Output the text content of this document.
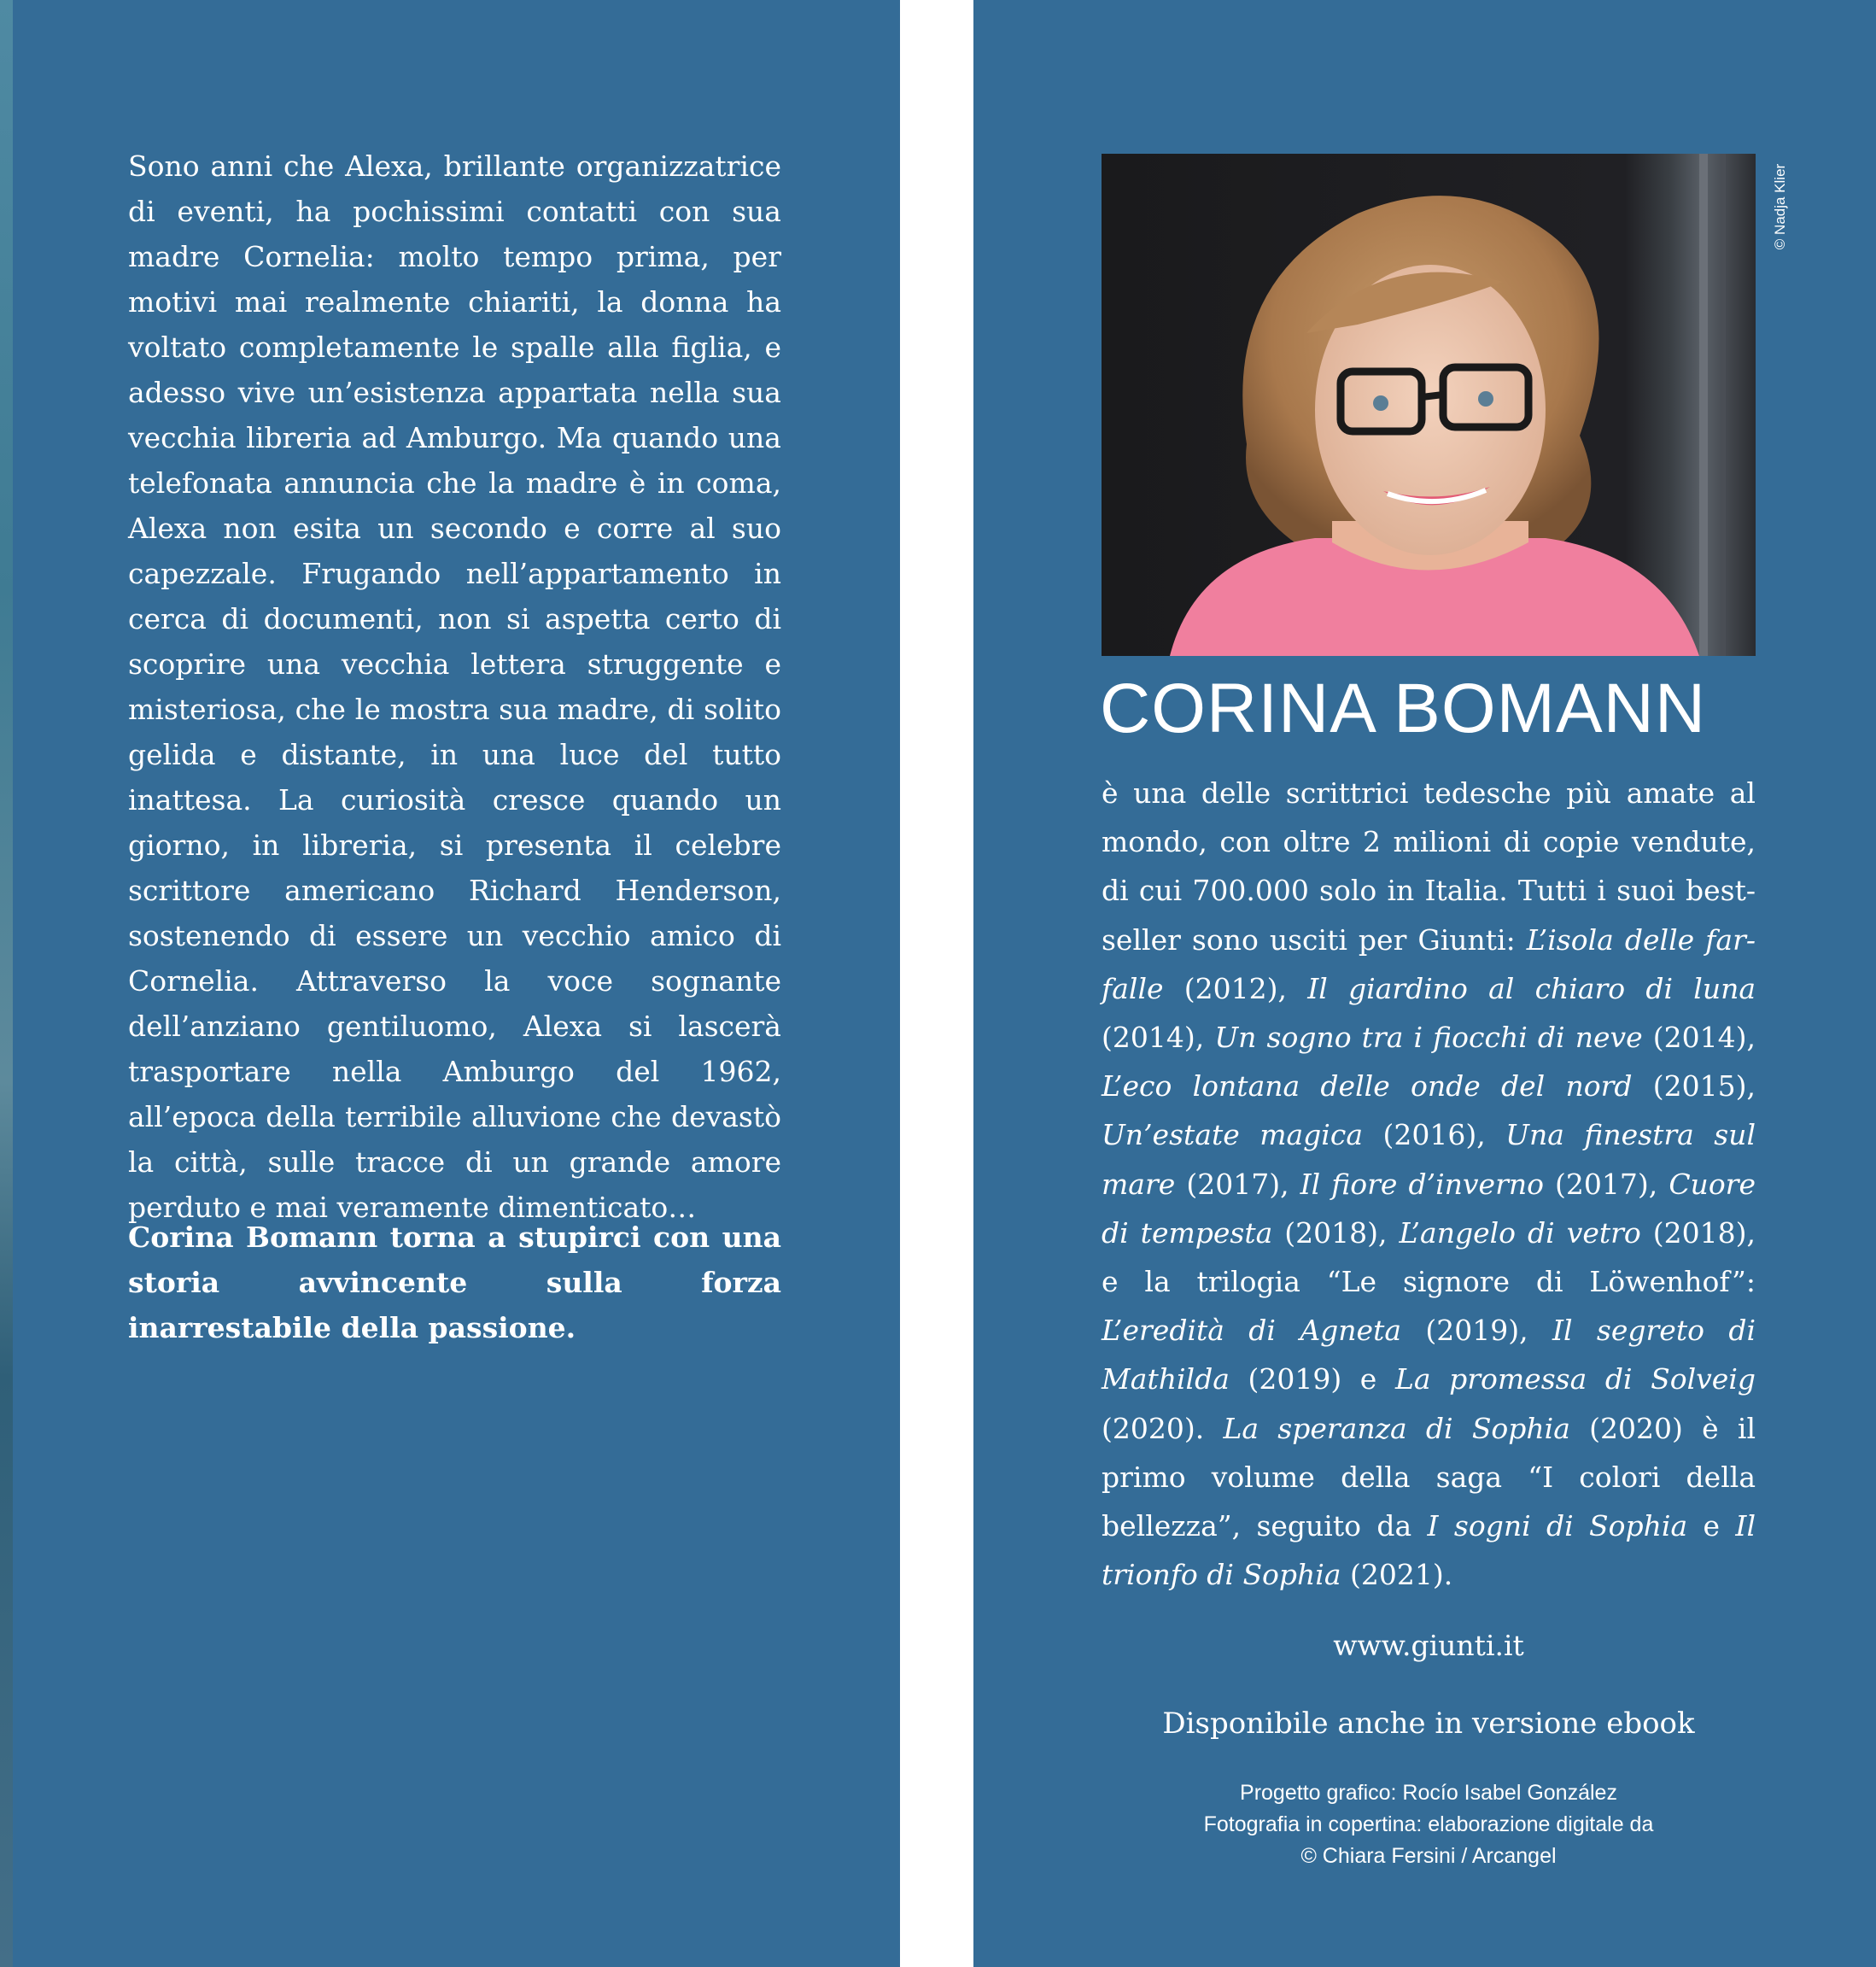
Sono anni che Alexa, brillante organizzatrice di eventi, ha pochissimi contatti con sua madre Cornelia: molto tempo prima, per motivi mai realmente chiariti, la donna ha voltato completamente le spalle alla figlia, e adesso vive un’esistenza appartata nella sua vecchia libreria ad Amburgo. Ma quando una telefonata annuncia che la madre è in coma, Alexa non esita un secondo e corre al suo capezzale. Frugando nell’appartamento in cerca di documenti, non si aspetta certo di scoprire una vecchia lettera struggente e misteriosa, che le mostra sua madre, di solito gelida e distante, in una luce del tutto inattesa. La curiosità cresce quando un giorno, in libreria, si presenta il celebre scrittore americano Richard Henderson, sostenendo di essere un vecchio amico di Cornelia. Attraverso la voce sognante dell’anziano gentiluomo, Alexa si lascerà trasportare nella Amburgo del 1962, all’epoca della terribile alluvione che devastò la città, sulle tracce di un grande amore perduto e mai veramente dimenticato…

Corina Bomann torna a stupirci con una storia avvincente sulla forza inarrestabile della passione.

© Nadja Klier
CORINA BOMANN

è una delle scrittrici tedesche più amate al mondo, con oltre 2 milioni di copie vendute, di cui 700.000 solo in Italia. Tutti i suoi bestseller sono usciti per Giunti: L’isola delle farfalle (2012), Il giardino al chiaro di luna (2014), Un sogno tra i fiocchi di neve (2014), L’eco lontana delle onde del nord (2015), Un’estate magica (2016), Una finestra sul mare (2017), Il fiore d’inverno (2017), Cuore di tempesta (2018), L’angelo di vetro (2018), e la trilogia “Le signore di Löwenhof”: L’eredità di Agneta (2019), Il segreto di Mathilda (2019) e La promessa di Solveig (2020). La speranza di Sophia (2020) è il primo volume della saga “I colori della bellezza”, seguito da I sogni di Sophia e Il trionfo di Sophia (2021).

www.giunti.it

Disponibile anche in versione ebook

Progetto grafico: Rocío Isabel González
Fotografia in copertina: elaborazione digitale da
© Chiara Fersini / Arcangel
